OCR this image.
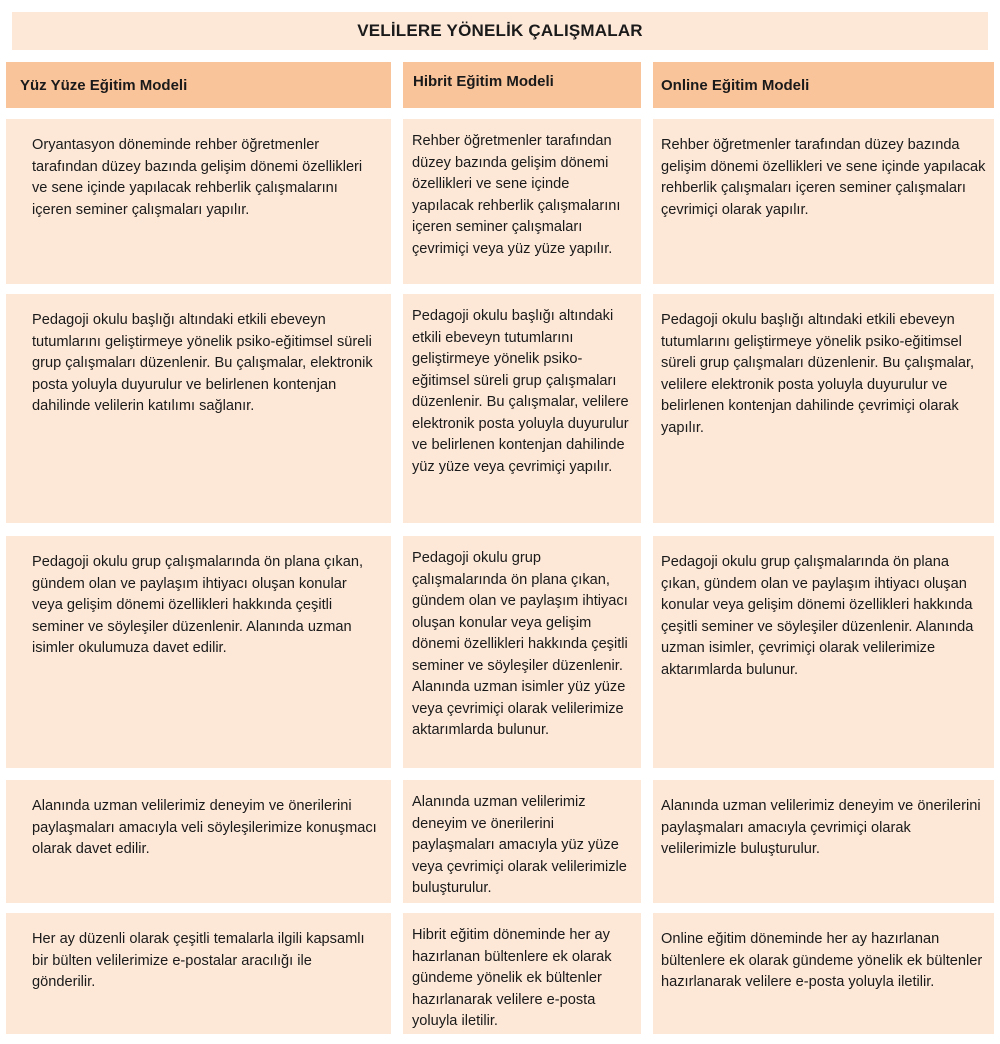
VELİLERE YÖNELİK ÇALIŞMALAR
Yüz Yüze Eğitim Modeli	Hibrit Eğitim Modeli	Online Eğitim Modeli
Oryantasyon döneminde rehber öğretmenler tarafından düzey bazında gelişim dönemi özellikleri ve sene içinde yapılacak rehberlik çalışmalarını içeren seminer çalışmaları yapılır.
Rehber öğretmenler tarafından düzey bazında gelişim dönemi özellikleri ve sene içinde yapılacak rehberlik çalışmalarını içeren seminer çalışmaları çevrimiçi veya yüz yüze yapılır.
Rehber öğretmenler tarafından düzey bazında gelişim dönemi özellikleri ve sene içinde yapılacak rehberlik çalışmaları içeren seminer çalışmaları çevrimiçi olarak yapılır.
Pedagoji okulu başlığı altındaki etkili ebeveyn tutumlarını geliştirmeye yönelik psiko-eğitimsel süreli grup çalışmaları düzenlenir. Bu çalışmalar, elektronik posta yoluyla duyurulur ve belirlenen kontenjan dahilinde velilerin katılımı sağlanır.
Pedagoji okulu başlığı altındaki etkili ebeveyn tutumlarını geliştirmeye yönelik psiko-eğitimsel süreli grup çalışmaları düzenlenir. Bu çalışmalar, velilere elektronik posta yoluyla duyurulur ve belirlenen kontenjan dahilinde yüz yüze veya çevrimiçi yapılır.
Pedagoji okulu başlığı altındaki etkili ebeveyn tutumlarını geliştirmeye yönelik psiko-eğitimsel süreli grup çalışmaları düzenlenir. Bu çalışmalar, velilere elektronik posta yoluyla duyurulur ve belirlenen kontenjan dahilinde çevrimiçi olarak yapılır.
Pedagoji okulu grup çalışmalarında ön plana çıkan, gündem olan ve paylaşım ihtiyacı oluşan konular veya gelişim dönemi özellikleri hakkında çeşitli seminer ve söyleşiler düzenlenir. Alanında uzman isimler okulumuza davet edilir.
Pedagoji okulu grup çalışmalarında ön plana çıkan, gündem olan ve paylaşım ihtiyacı oluşan konular veya gelişim dönemi özellikleri hakkında çeşitli seminer ve söyleşiler düzenlenir. Alanında uzman isimler yüz yüze veya çevrimiçi olarak velilerimize aktarımlarda bulunur.
Pedagoji okulu grup çalışmalarında ön plana çıkan, gündem olan ve paylaşım ihtiyacı oluşan konular veya gelişim dönemi özellikleri hakkında çeşitli seminer ve söyleşiler düzenlenir. Alanında uzman isimler, çevrimiçi olarak velilerimize aktarımlarda bulunur.
Alanında uzman velilerimiz deneyim ve önerilerini paylaşmaları amacıyla veli söyleşilerimize konuşmacı olarak davet edilir.
Alanında uzman velilerimiz deneyim ve önerilerini paylaşmaları amacıyla yüz yüze veya çevrimiçi olarak velilerimizle buluşturulur.
Alanında uzman velilerimiz deneyim ve önerilerini paylaşmaları amacıyla çevrimiçi olarak velilerimizle buluşturulur.
Her ay düzenli olarak çeşitli temalarla ilgili kapsamlı bir bülten velilerimize e-postalar aracılığı ile gönderilir.
Hibrit eğitim döneminde her ay hazırlanan bültenlere ek olarak gündeme yönelik ek bültenler hazırlanarak velilere e-posta yoluyla iletilir.
Online eğitim döneminde her ay hazırlanan bültenlere ek olarak gündeme yönelik ek bültenler hazırlanarak velilere e-posta yoluyla iletilir.
